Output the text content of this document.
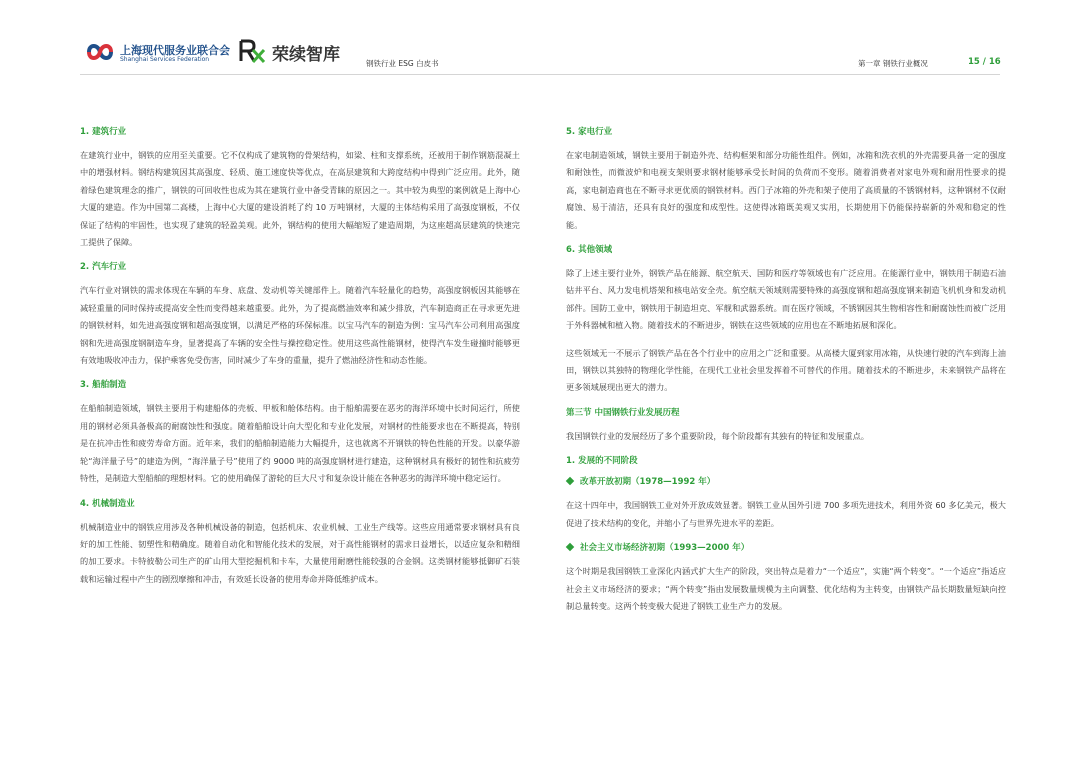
上海现代服务业联合会
Shanghai Services Federation	荣续智库	钢铁行业 ESG 白皮书	第一章 钢铁行业概况	15 / 16
1. 建筑行业
在建筑行业中，钢铁的应用至关重要。它不仅构成了建筑物的骨架结构，如梁、柱和支撑系统，还被用于制作钢筋混凝土中的增强材料。钢结构建筑因其高强度、轻质、施工速度快等优点，在高层建筑和大跨度结构中得到广泛应用。此外，随着绿色建筑理念的推广，钢铁的可回收性也成为其在建筑行业中备受青睐的原因之一。其中较为典型的案例就是上海中心大厦的建造。作为中国第二高楼，上海中心大厦的建设消耗了约 10 万吨钢材，大厦的主体结构采用了高强度钢板，不仅保证了结构的牢固性，也实现了建筑的轻盈美观。此外，钢结构的使用大幅缩短了建造周期，为这座超高层建筑的快速完工提供了保障。
2. 汽车行业
汽车行业对钢铁的需求体现在车辆的车身、底盘、发动机等关键部件上。随着汽车轻量化的趋势，高强度钢板因其能够在减轻重量的同时保持或提高安全性而变得越来越重要。此外，为了提高燃油效率和减少排放，汽车制造商正在寻求更先进的钢铁材料，如先进高强度钢和超高强度钢，以满足严格的环保标准。以宝马汽车的制造为例：宝马汽车公司利用高强度钢和先进高强度钢制造车身，显著提高了车辆的安全性与操控稳定性。使用这些高性能钢材，使得汽车发生碰撞时能够更有效地吸收冲击力，保护乘客免受伤害，同时减少了车身的重量，提升了燃油经济性和动态性能。
3. 船舶制造
在船舶制造领域，钢铁主要用于构建船体的壳板、甲板和舱体结构。由于船舶需要在恶劣的海洋环境中长时间运行，所使用的钢材必须具备极高的耐腐蚀性和强度。随着船舶设计向大型化和专业化发展，对钢材的性能要求也在不断提高，特别是在抗冲击性和疲劳寿命方面。近年来，我们的船舶制造能力大幅提升，这也就离不开钢铁的特色性能的开发。以豪华游轮“海洋量子号”的建造为例，“海洋量子号”使用了约 9000 吨的高强度钢材进行建造，这种钢材具有极好的韧性和抗疲劳特性，是制造大型船舶的理想材料。它的使用确保了游轮的巨大尺寸和复杂设计能在各种恶劣的海洋环境中稳定运行。
4. 机械制造业
机械制造业中的钢铁应用涉及各种机械设备的制造，包括机床、农业机械、工业生产线等。这些应用通常要求钢材具有良好的加工性能、韧塑性和精确度。随着自动化和智能化技术的发展，对于高性能钢材的需求日益增长，以适应复杂和精细的加工要求。卡特彼勒公司生产的矿山用大型挖掘机和卡车，大量使用耐磨性能较强的合金钢。这类钢材能够抵御矿石装载和运输过程中产生的剧烈摩擦和冲击，有效延长设备的使用寿命并降低维护成本。
5. 家电行业
在家电制造领域，钢铁主要用于制造外壳、结构框架和部分功能性组件。例如，冰箱和洗衣机的外壳需要具备一定的强度和耐蚀性，而微波炉和电视支架则要求钢材能够承受长时间的负荷而不变形。随着消费者对家电外观和耐用性要求的提高，家电制造商也在不断寻求更优质的钢铁材料。西门子冰箱的外壳和架子使用了高质量的不锈钢材料，这种钢材不仅耐腐蚀、易于清洁，还具有良好的强度和成型性。这使得冰箱既美观又实用，长期使用下仍能保持崭新的外观和稳定的性能。
6. 其他领域
除了上述主要行业外，钢铁产品在能源、航空航天、国防和医疗等领域也有广泛应用。在能源行业中，钢铁用于制造石油钻井平台、风力发电机塔架和核电站安全壳。航空航天领域则需要特殊的高强度钢和超高强度钢来制造飞机机身和发动机部件。国防工业中，钢铁用于制造坦克、军舰和武器系统。而在医疗领域，不锈钢因其生物相容性和耐腐蚀性而被广泛用于外科器械和植入物。随着技术的不断进步，钢铁在这些领域的应用也在不断地拓展和深化。
这些领域无一不展示了钢铁产品在各个行业中的应用之广泛和重要。从高楼大厦到家用冰箱，从快速行驶的汽车到海上油田，钢铁以其独特的物理化学性能，在现代工业社会里发挥着不可替代的作用。随着技术的不断进步，未来钢铁产品将在更多领域展现出更大的潜力。
第三节 中国钢铁行业发展历程
我国钢铁行业的发展经历了多个重要阶段，每个阶段都有其独有的特征和发展重点。
1. 发展的不同阶段
改革开放初期（1978—1992 年）
在这十四年中，我国钢铁工业对外开放成效显著。钢铁工业从国外引进 700 多项先进技术，利用外资 60 多亿美元，极大促进了技术结构的变化，并缩小了与世界先进水平的差距。
社会主义市场经济初期（1993—2000 年）
这个时期是我国钢铁工业深化内涵式扩大生产的阶段，突出特点是着力“一个适应”，实施“两个转变”。“一个适应”指适应社会主义市场经济的要求；“两个转变”指由发展数量规模为主向调整、优化结构为主转变，由钢铁产品长期数量短缺向控制总量转变。这两个转变极大促进了钢铁工业生产力的发展。
